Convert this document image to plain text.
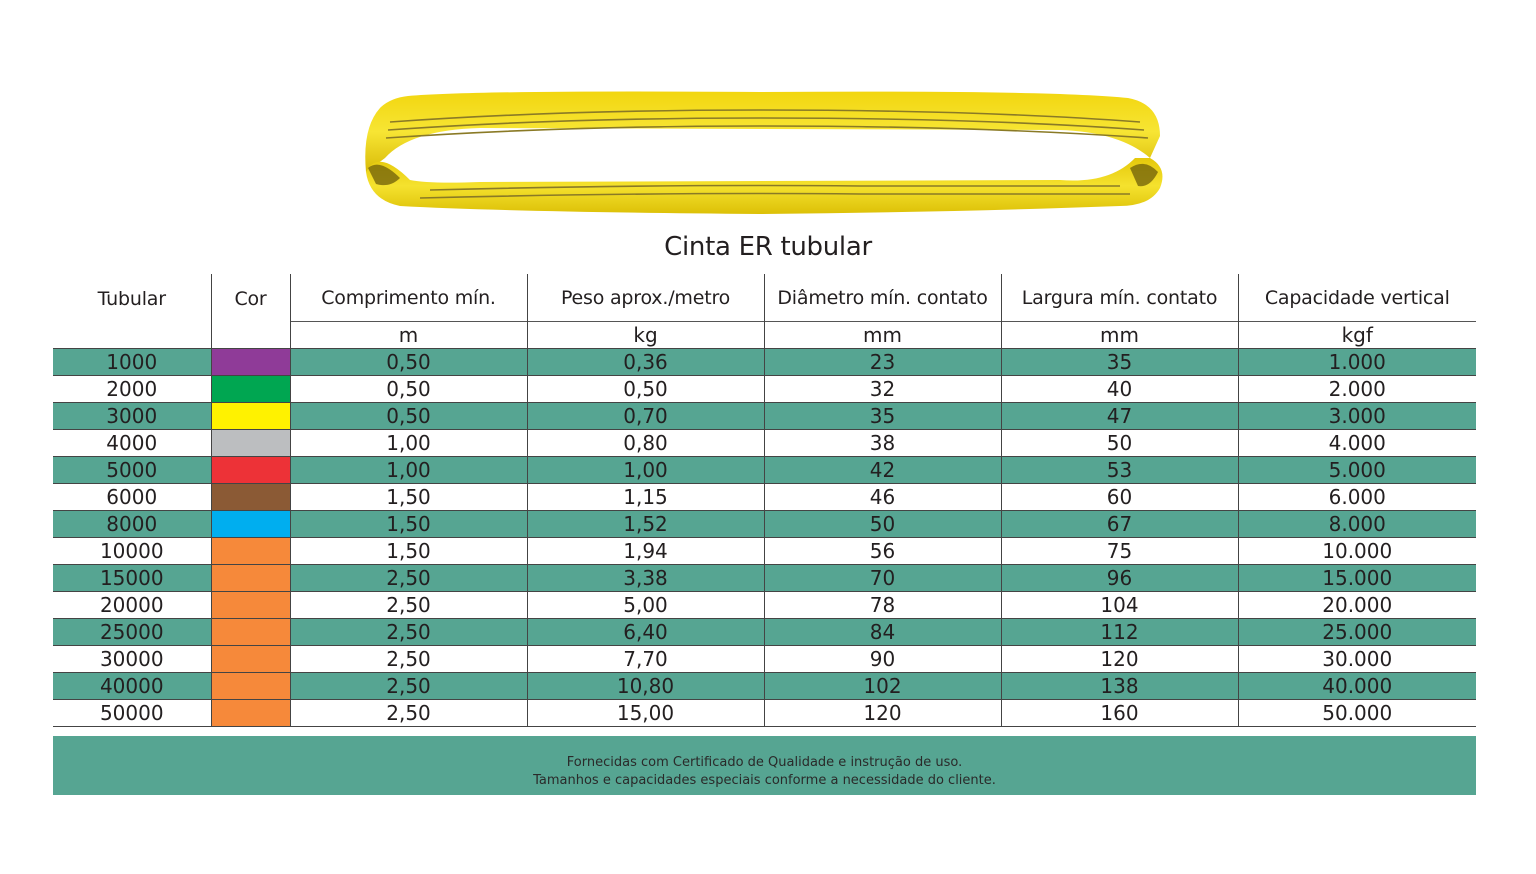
Cinta ER tubular
Tubular	Cor	Comprimento mín.	Peso aprox./metro	Diâmetro mín. contato	Largura mín. contato	Capacidade vertical
		m	kg	mm	mm	kgf
1000		0,50	0,36	23	35	1.000
2000		0,50	0,50	32	40	2.000
3000		0,50	0,70	35	47	3.000
4000		1,00	0,80	38	50	4.000
5000		1,00	1,00	42	53	5.000
6000		1,50	1,15	46	60	6.000
8000		1,50	1,52	50	67	8.000
10000		1,50	1,94	56	75	10.000
15000		2,50	3,38	70	96	15.000
20000		2,50	5,00	78	104	20.000
25000		2,50	6,40	84	112	25.000
30000		2,50	7,70	90	120	30.000
40000		2,50	10,80	102	138	40.000
50000		2,50	15,00	120	160	50.000
Fornecidas com Certificado de Qualidade e instrução de uso.
Tamanhos e capacidades especiais conforme a necessidade do cliente.
